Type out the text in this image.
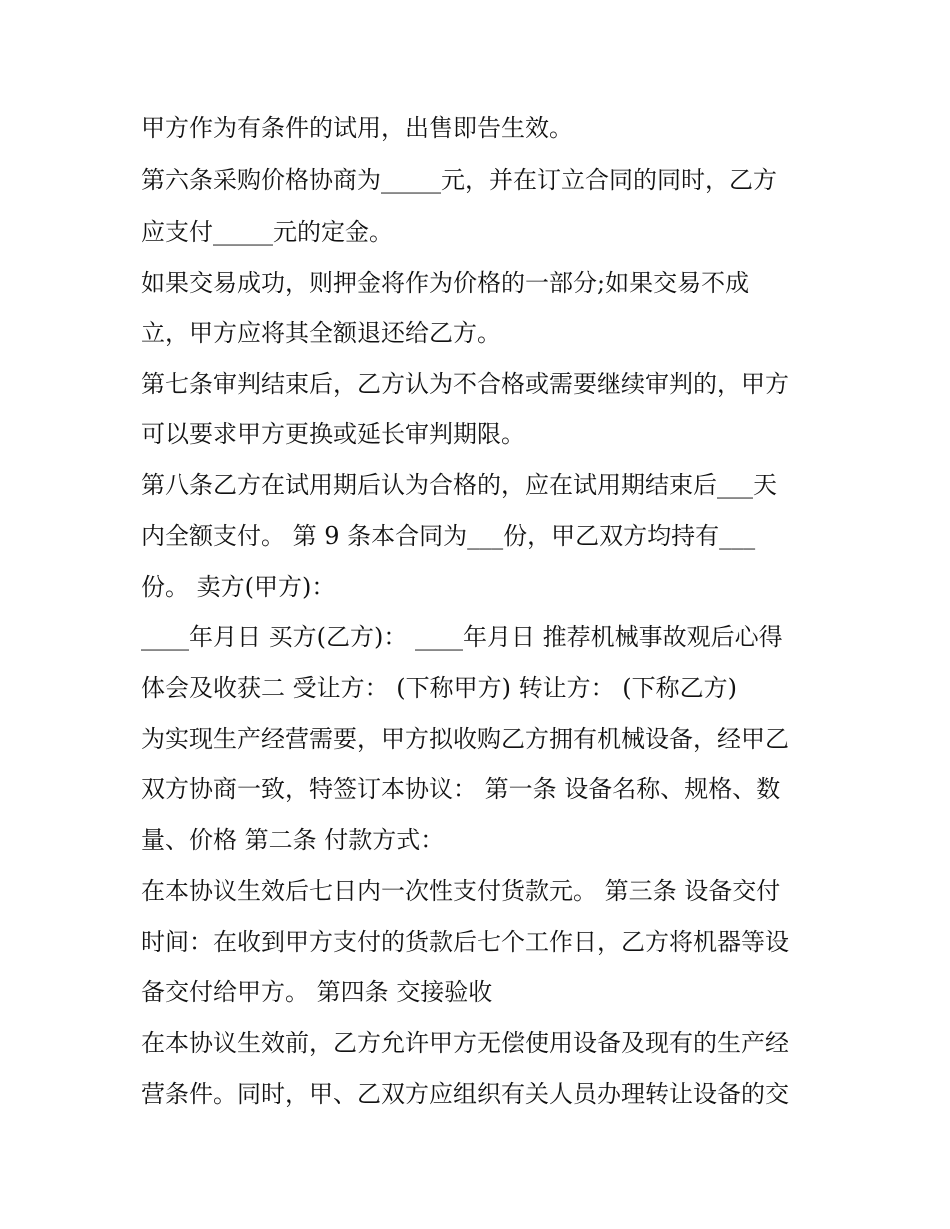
甲方作为有条件的试用，出售即告生效。
第六条采购价格协商为_____元，并在订立合同的同时，乙方
应支付_____元的定金。
如果交易成功，则押金将作为价格的一部分;如果交易不成
立，甲方应将其全额退还给乙方。
第七条审判结束后，乙方认为不合格或需要继续审判的，甲方
可以要求甲方更换或延长审判期限。
第八条乙方在试用期后认为合格的，应在试用期结束后___天
内全额支付。 第 9 条本合同为___份，甲乙双方均持有___
份。 卖方(甲方)：
____年月日 买方(乙方)： ____年月日 推荐机械事故观后心得
体会及收获二 受让方： (下称甲方) 转让方： (下称乙方)
为实现生产经营需要，甲方拟收购乙方拥有机械设备，经甲乙
双方协商一致，特签订本协议： 第一条 设备名称、规格、数
量、价格 第二条 付款方式：
在本协议生效后七日内一次性支付货款元。 第三条 设备交付
时间：在收到甲方支付的货款后七个工作日，乙方将机器等设
备交付给甲方。 第四条 交接验收
在本协议生效前，乙方允许甲方无偿使用设备及现有的生产经
营条件。同时，甲、乙双方应组织有关人员办理转让设备的交
